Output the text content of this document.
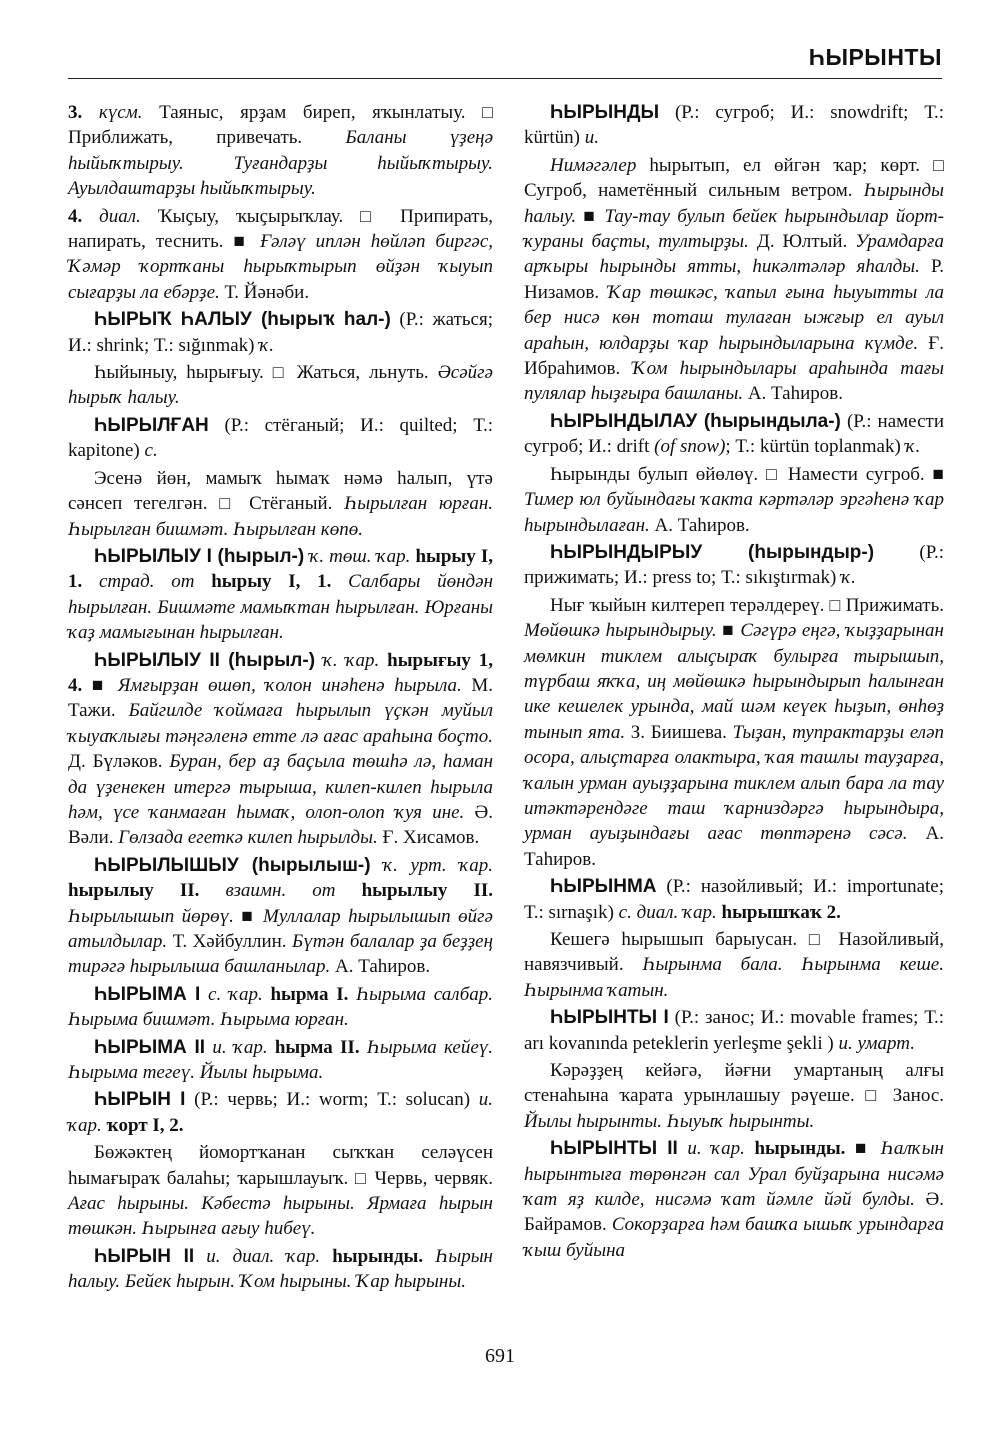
ҺЫРЫНТЫ

3. күсм. Таяныс, ярҙам биреп, яҡынлатыу. □ Приближать, привечать. Баланы үҙеңә һыйыҡтырыу. Туғандарҙы һыйыҡтырыу. Ауылдаштарҙы һыйыҡтырыу.

4. диал. Ҡыҫыу, ҡыҫырыҡлау. □ Припирать, напирать, теснить. ■ Ғәләү иплән һөйләп биргәс, Ҡәмәр ҡортҡаны һырыҡтырып өйҙән ҡыуып сығарҙы ла ебәрҙе. Т. Йәнәби.

ҺЫРЫҠ ҺАЛЫУ (һырыҡ һал-) (Р.: жаться; И.: shrink; Т.: sığınmak) ҡ.

Һыйыныу, һырығыу. □ Жаться, льнуть. Әсәйгә һырыҡ һалыу.

ҺЫРЫЛҒАН (Р.: стёганый; И.: quilted; Т.: kapitone) с.

Эсенә йөн, мамыҡ һымаҡ нәмә һалып, үтә сәнсеп тегелгән. □ Стёганый. Һырылған юрған. Һырылған бишмәт. Һырылған көпө.

ҺЫРЫЛЫУ I (һырыл-) ҡ. төш. ҡар. һырыу I, 1. страд. от һырыу I, 1. Салбары йөндән һырылған. Бишмәте мамыҡтан һырылған. Юрғаны ҡаҙ мамығынан һырылған.

ҺЫРЫЛЫУ II (һырыл-) ҡ. ҡар. һырығыу 1, 4. ■ Ямғырҙан өшөп, ҡолон инәһенә һырыла. М. Тажи. Байгилде ҡоймаға һырылып үҫкән муйыл ҡыуаҡлығы тәңгәленә етте лә ағас араһына боҫто. Д. Бүләков. Буран, бер аҙ баҫыла төшһә лә, һаман да үҙенекен итергә тырыша, килеп-килеп һырыла һәм, үсе ҡанмаған һымаҡ, олоп-олоп ҡуя ине. Ә. Вәли. Гөлзада егеткә килеп һырылды. Ғ. Хисамов.

ҺЫРЫЛЫШЫУ (һырылыш-) ҡ. урт. ҡар. һырылыу II. взаимн. от һырылыу II. Һырылышып йөрөү. ■ Муллалар һырылышып өйгә атылдылар. Т. Хәйбуллин. Бүтән балалар ҙа беҙҙең тирәгә һырылыша башланылар. А. Таһиров.

ҺЫРЫМА I с. ҡар. һырма I. Һырыма салбар. Һырыма бишмәт. Һырыма юрған.

ҺЫРЫМА II и. ҡар. һырма II. Һырыма кейеү. Һырыма тегеү. Йылы һырыма.

ҺЫРЫН I (Р.: червь; И.: worm; Т.: solucan) и. ҡар. ҡорт I, 2.

Бөжәктең йомортҡанан сыҡҡан селәүсен һымағыраҡ балаһы; ҡарышлауыҡ. □ Червь, червяк. Ағас һырыны. Кәбестә һырыны. Ярмаға һырын төшкән. Һырынға ағыу һибеү.

ҺЫРЫН II и. диал. ҡар. һырынды. Һырын һалыу. Бейек һырын. Ҡом һырыны. Ҡар һырыны.

ҺЫРЫНДЫ (Р.: сугроб; И.: snowdrift; Т.: kürtün) и.

Нимәгәлер һырытып, ел өйгән ҡар; көрт. □ Сугроб, наметённый сильным ветром. Һырынды һалыу. ■ Тау-тау булып бейек һырындылар йорт-ҡураны баҫты, тултырҙы. Д. Юлтый. Урамдарға арҡыры һырынды ятты, һикәлтәләр яһалды. Р. Низамов. Ҡар төшкәс, ҡапыл ғына һыуытты ла бер нисә көн тоташ тулаған ыжғыр ел ауыл араһын, юлдарҙы ҡар һырындыларына күмде. Ғ. Ибраһимов. Ҡом һырындылары араһында тағы пулялар һыҙғыра башланы. А. Таһиров.

ҺЫРЫНДЫЛАУ (һырындыла-) (Р.: намести сугроб; И.: drift (of snow); Т.: kürtün toplanmak) ҡ.

Һырынды булып өйөлөү. □ Намести сугроб. ■ Тимер юл буйындағы ҡакта кәртәләр эргәһенә ҡар һырындылаған. А. Таһиров.

ҺЫРЫНДЫРЫУ (һырындыр-) (Р.: прижимать; И.: press to; Т.: sıkıştırmak) ҡ.

Нығ ҡыйын килтереп терәлдереү. □ Прижимать. Мөйөшкә һырындырыу. ■ Сәгүрә еңгә, ҡыҙҙарынан мөмкин тиклем алыҫыраҡ булырға тырышып, түрбаш яҡҡа, иң мөйөшкә һырындырып һалынған ике кешелек урында, май шәм кеүек һыҙып, өнһөҙ тынып ята. З. Биишева. Тыҙан, тупрактарҙы еләп осора, алыҫтарға олактыра, ҡая ташлы тауҙарға, ҡалын урман ауыҙҙарына тиклем алып бара ла тау итәктәрендәге таш ҡарниздәргә һырындыра, урман ауыҙындағы ағас төптәренә сәсә. А. Таһиров.

ҺЫРЫНМА (Р.: назойливый; И.: importunate; Т.: sırnaşık) с. диал. ҡар. һырышҡаҡ 2.

Кешегә һырышып барыусан. □ Назойливый, навязчивый. Һырынма бала. Һырынма кеше. Һырынма ҡатын.

ҺЫРЫНТЫ I (Р.: занос; И.: movable frames; Т.: arı kovanında peteklerin yerleşme şekli ) и. умарт.

Кәрәҙҙең кейәгә, йәғни умартаның алғы стенаһына ҡарата урынлашыу рәүеше. □ Занос. Йылы һырынты. Һыуыҡ һырынты.

ҺЫРЫНТЫ II и. ҡар. һырынды. ■ Һалҡын һырынтыға төрөнгән сал Урал буйҙарына нисәмә ҡат яҙ килде, нисәмә ҡат йәмле йәй булды. Ә. Байрамов. Сокорҙарға һәм башҡа ышыҡ урындарға ҡыш буйына

691
